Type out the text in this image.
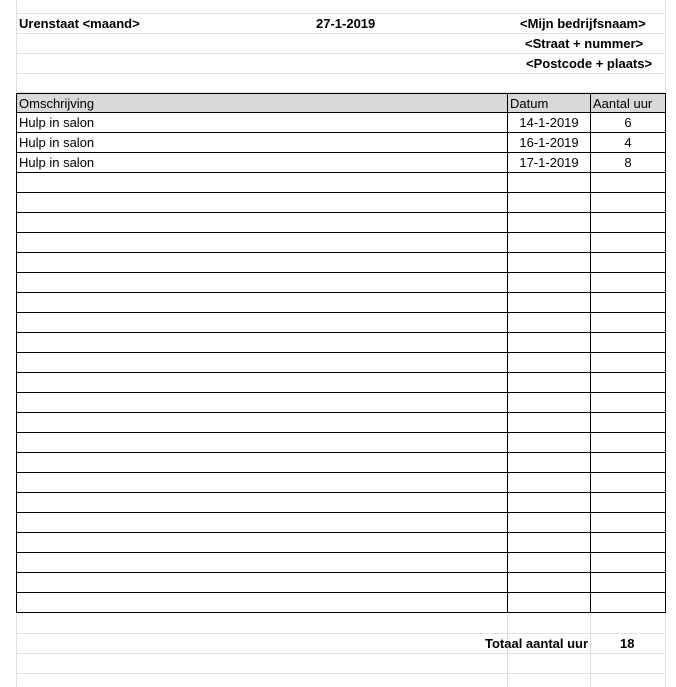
Urenstaat <maand>	27-1-2019	<Mijn bedrijfsnaam>
<Straat + nummer>
<Postcode + plaats>
Omschrijving	Datum	Aantal uur
Hulp in salon	14-1-2019	6
Hulp in salon	16-1-2019	4
Hulp in salon	17-1-2019	8
Totaal aantal uur 18
